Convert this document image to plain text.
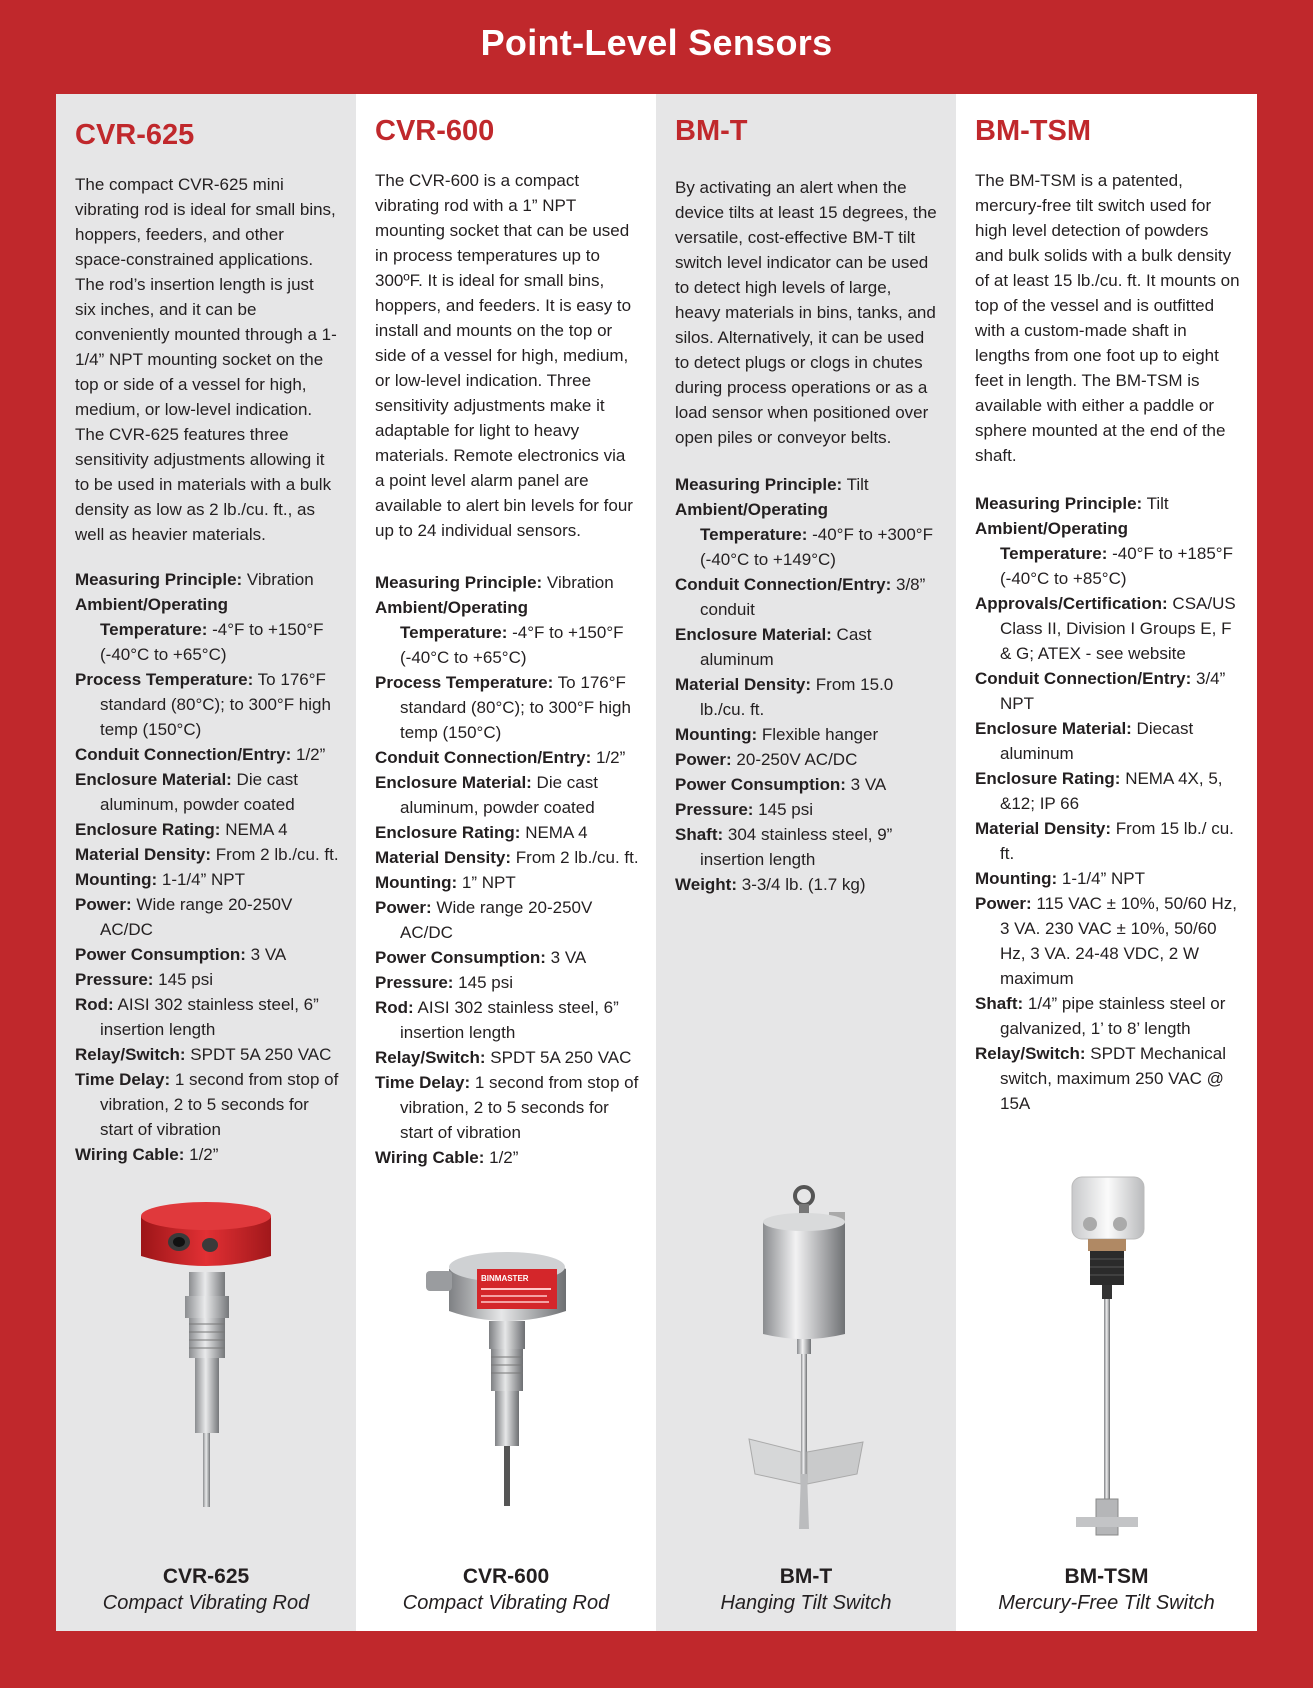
Point-Level Sensors
CVR-625

The compact CVR-625 mini vibrating rod is ideal for small bins, hoppers, feeders, and other space-constrained applications. The rod’s insertion length is just six inches, and it can be conveniently mounted through a 1-1/4” NPT mounting socket on the top or side of a vessel for high, medium, or low-level indication. The CVR-625 features three sensitivity adjustments allowing it to be used in materials with a bulk density as low as 2 lb./cu. ft., as well as heavier materials.

Measuring Principle: Vibration
Ambient/Operating Temperature: -4°F to +150°F (-40°C to +65°C)
Process Temperature: To 176°F standard (80°C); to 300°F high temp (150°C)
Conduit Connection/Entry: 1/2”
Enclosure Material: Die cast aluminum, powder coated
Enclosure Rating: NEMA 4
Material Density: From 2 lb./cu. ft.
Mounting: 1-1/4” NPT
Power: Wide range 20-250V AC/DC
Power Consumption: 3 VA
Pressure: 145 psi
Rod: AISI 302 stainless steel, 6” insertion length
Relay/Switch: SPDT 5A 250 VAC
Time Delay: 1 second from stop of vibration, 2 to 5 seconds for start of vibration
Wiring Cable: 1/2”
CVR-625
Compact Vibrating Rod
CVR-600

The CVR-600 is a compact vibrating rod with a 1” NPT mounting socket that can be used in process temperatures up to 300ºF. It is ideal for small bins, hoppers, and feeders. It is easy to install and mounts on the top or side of a vessel for high, medium, or low-level indication. Three sensitivity adjustments make it adaptable for light to heavy materials. Remote electronics via a point level alarm panel are available to alert bin levels for four up to 24 individual sensors.

Measuring Principle: Vibration
Ambient/Operating Temperature: -4°F to +150°F (-40°C to +65°C)
Process Temperature: To 176°F standard (80°C); to 300°F high temp (150°C)
Conduit Connection/Entry: 1/2”
Enclosure Material: Die cast aluminum, powder coated
Enclosure Rating: NEMA 4
Material Density: From 2 lb./cu. ft.
Mounting: 1” NPT
Power: Wide range 20-250V AC/DC
Power Consumption: 3 VA
Pressure: 145 psi
Rod: AISI 302 stainless steel, 6” insertion length
Relay/Switch: SPDT 5A 250 VAC
Time Delay: 1 second from stop of vibration, 2 to 5 seconds for start of vibration
Wiring Cable: 1/2”
BINMASTER
CVR-600
Compact Vibrating Rod
BM-T

By activating an alert when the device tilts at least 15 degrees, the versatile, cost-effective BM-T tilt switch level indicator can be used to detect high levels of large, heavy materials in bins, tanks, and silos. Alternatively, it can be used to detect plugs or clogs in chutes during process operations or as a load sensor when positioned over open piles or conveyor belts.

Measuring Principle: Tilt
Ambient/Operating Temperature: -40°F to +300°F (-40°C to +149°C)
Conduit Connection/Entry: 3/8” conduit
Enclosure Material: Cast aluminum
Material Density: From 15.0 lb./cu. ft.
Mounting: Flexible hanger
Power: 20-250V AC/DC
Power Consumption: 3 VA
Pressure: 145 psi
Shaft: 304 stainless steel, 9” insertion length
Weight: 3-3/4 lb. (1.7 kg)
BM-T
Hanging Tilt Switch
BM-TSM

The BM-TSM is a patented, mercury-free tilt switch used for high level detection of powders and bulk solids with a bulk density of at least 15 lb./cu. ft. It mounts on top of the vessel and is outfitted with a custom-made shaft in lengths from one foot up to eight feet in length. The BM-TSM is available with either a paddle or sphere mounted at the end of the shaft.

Measuring Principle: Tilt
Ambient/Operating Temperature: -40°F to +185°F (-40°C to +85°C)
Approvals/Certification: CSA/US Class II, Division I Groups E, F & G; ATEX - see website
Conduit Connection/Entry: 3/4” NPT
Enclosure Material: Diecast aluminum
Enclosure Rating: NEMA 4X, 5, &12; IP 66
Material Density: From 15 lb./ cu. ft.
Mounting: 1-1/4” NPT
Power: 115 VAC ± 10%, 50/60 Hz, 3 VA. 230 VAC ± 10%, 50/60 Hz, 3 VA. 24-48 VDC, 2 W maximum
Shaft: 1/4” pipe stainless steel or galvanized, 1’ to 8’ length
Relay/Switch: SPDT Mechanical switch, maximum 250 VAC @ 15A
BM-TSM
Mercury-Free Tilt Switch
